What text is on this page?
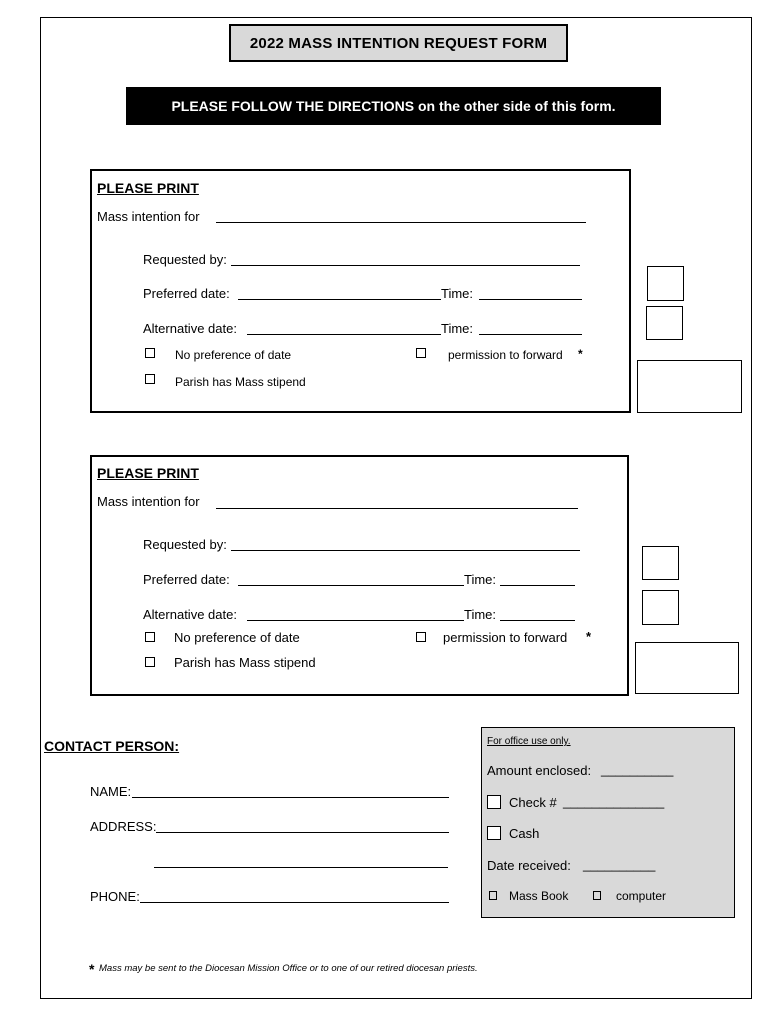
2022 MASS INTENTION REQUEST FORM
PLEASE FOLLOW THE DIRECTIONS on the other side of this form.
PLEASE PRINT
Mass intention for
Requested by:
Preferred date:	Time:
Alternative date:	Time:
No preference of date	permission to forward *
Parish has Mass stipend
PLEASE PRINT
Mass intention for
Requested by:
Preferred date:	Time:
Alternative date:	Time:
No preference of date	permission to forward *
Parish has Mass stipend
CONTACT PERSON:
NAME:
ADDRESS:
PHONE:
For office use only.
Amount enclosed: __________
Check # ______________
Cash
Date received: __________
Mass Book	computer
* Mass may be sent to the Diocesan Mission Office or to one of our retired diocesan priests.
